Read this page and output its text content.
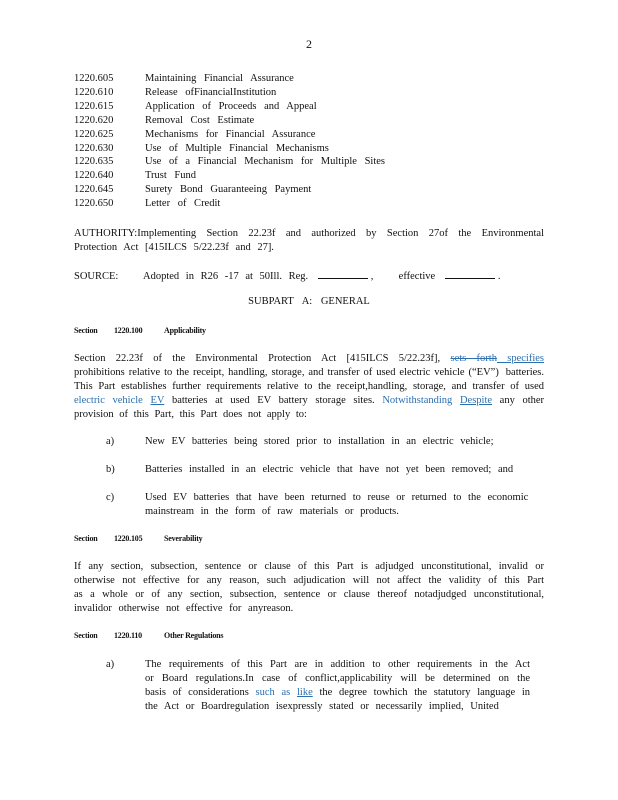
2
1220.605	Maintaining Financial Assurance
1220.610	Release ofFinancialInstitution
1220.615	Application of Proceeds and Appeal
1220.620	Removal Cost Estimate
1220.625	Mechanisms for Financial Assurance
1220.630	Use of Multiple Financial Mechanisms
1220.635	Use of a Financial Mechanism for Multiple Sites
1220.640	Trust Fund
1220.645	Surety Bond Guaranteeing Payment
1220.650	Letter of Credit
AUTHORITY:Implementing Section 22.23f and authorized by Section 27of the Environmental Protection Act [415ILCS 5/22.23f and 27].
SOURCE: Adopted in R26 -17 at 50Ill. Reg.	, effective	.
SUBPART A: GENERAL
Section 1220.100	Applicability
Section 22.23f of the Environmental Protection Act [415ILCS 5/22.23f], sets forth specifies prohibitions relative to the receipt, handling, storage, and transfer of used electric vehicle (“EV”) batteries. This Part establishes further requirements relative to the receipt,handling, storage, and transfer of used electric vehicle EV batteries at used EV battery storage sites. Notwithstanding Despite any other provision of this Part, this Part does not apply to:
a)	New EV batteries being stored prior to installation in an electric vehicle;
b)	Batteries installed in an electric vehicle that have not yet been removed; and
c)	Used EV batteries that have been returned to reuse or returned to the economic mainstream in the form of raw materials or products.
Section 1220.105	Severability
If any section, subsection, sentence or clause of this Part is adjudged unconstitutional, invalid or otherwise not effective for any reason, such adjudication will not affect the validity of this Part as a whole or of any section, subsection, sentence or clause thereof notadjudged unconstitutional, invalidor otherwise not effective for anyreason.
Section 1220.110	Other Regulations
a)	The requirements of this Part are in addition to other requirements in the Act or Board regulations.In case of conflict,applicability will be determined on the basis of considerations such as like the degree towhich the statutory language in the Act or Boardregulation isexpressly stated or necessarily implied, United
